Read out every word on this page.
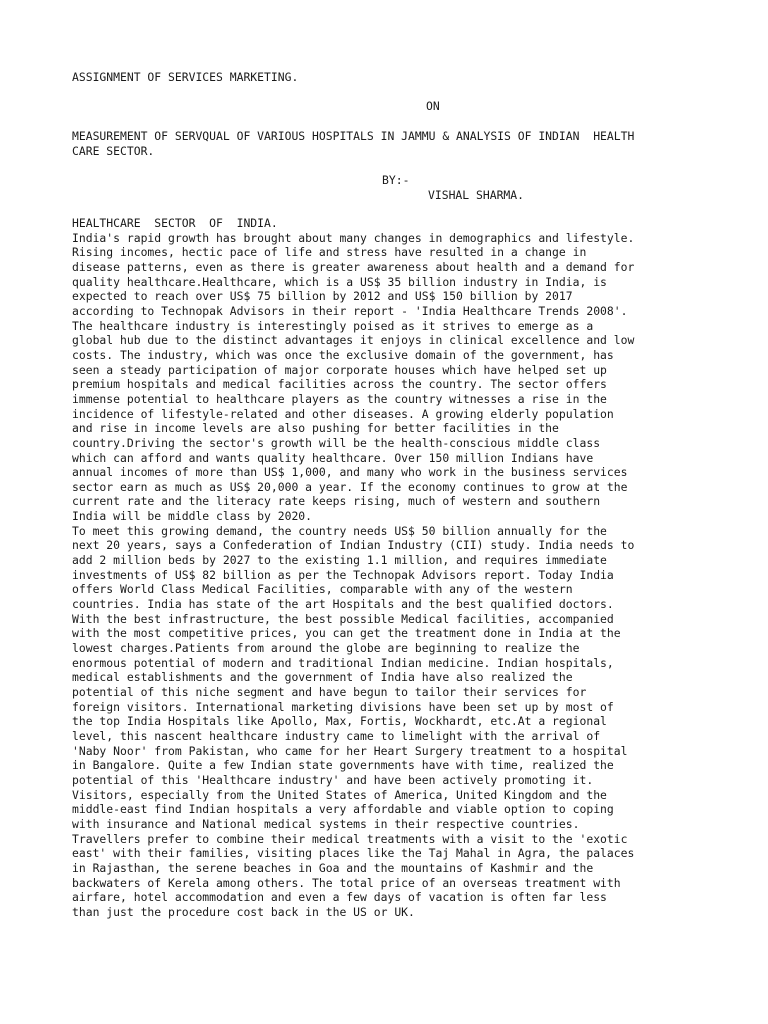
ASSIGNMENT OF SERVICES MARKETING.
ON
MEASUREMENT OF SERVQUAL OF VARIOUS HOSPITALS IN JAMMU & ANALYSIS OF INDIAN  HEALTH
CARE SECTOR.
BY:-
VISHAL SHARMA.
HEALTHCARE  SECTOR  OF  INDIA.
India's rapid growth has brought about many changes in demographics and lifestyle.
Rising incomes, hectic pace of life and stress have resulted in a change in
disease patterns, even as there is greater awareness about health and a demand for
quality healthcare.Healthcare, which is a US$ 35 billion industry in India, is
expected to reach over US$ 75 billion by 2012 and US$ 150 billion by 2017
according to Technopak Advisors in their report - 'India Healthcare Trends 2008'.
The healthcare industry is interestingly poised as it strives to emerge as a
global hub due to the distinct advantages it enjoys in clinical excellence and low
costs. The industry, which was once the exclusive domain of the government, has
seen a steady participation of major corporate houses which have helped set up
premium hospitals and medical facilities across the country. The sector offers
immense potential to healthcare players as the country witnesses a rise in the
incidence of lifestyle-related and other diseases. A growing elderly population
and rise in income levels are also pushing for better facilities in the
country.Driving the sector's growth will be the health-conscious middle class
which can afford and wants quality healthcare. Over 150 million Indians have
annual incomes of more than US$ 1,000, and many who work in the business services
sector earn as much as US$ 20,000 a year. If the economy continues to grow at the
current rate and the literacy rate keeps rising, much of western and southern
India will be middle class by 2020.
To meet this growing demand, the country needs US$ 50 billion annually for the
next 20 years, says a Confederation of Indian Industry (CII) study. India needs to
add 2 million beds by 2027 to the existing 1.1 million, and requires immediate
investments of US$ 82 billion as per the Technopak Advisors report. Today India
offers World Class Medical Facilities, comparable with any of the western
countries. India has state of the art Hospitals and the best qualified doctors.
With the best infrastructure, the best possible Medical facilities, accompanied
with the most competitive prices, you can get the treatment done in India at the
lowest charges.Patients from around the globe are beginning to realize the
enormous potential of modern and traditional Indian medicine. Indian hospitals,
medical establishments and the government of India have also realized the
potential of this niche segment and have begun to tailor their services for
foreign visitors. International marketing divisions have been set up by most of
the top India Hospitals like Apollo, Max, Fortis, Wockhardt, etc.At a regional
level, this nascent healthcare industry came to limelight with the arrival of
'Naby Noor' from Pakistan, who came for her Heart Surgery treatment to a hospital
in Bangalore. Quite a few Indian state governments have with time, realized the
potential of this 'Healthcare industry' and have been actively promoting it.
Visitors, especially from the United States of America, United Kingdom and the
middle-east find Indian hospitals a very affordable and viable option to coping
with insurance and National medical systems in their respective countries.
Travellers prefer to combine their medical treatments with a visit to the 'exotic
east' with their families, visiting places like the Taj Mahal in Agra, the palaces
in Rajasthan, the serene beaches in Goa and the mountains of Kashmir and the
backwaters of Kerela among others. The total price of an overseas treatment with
airfare, hotel accommodation and even a few days of vacation is often far less
than just the procedure cost back in the US or UK.
